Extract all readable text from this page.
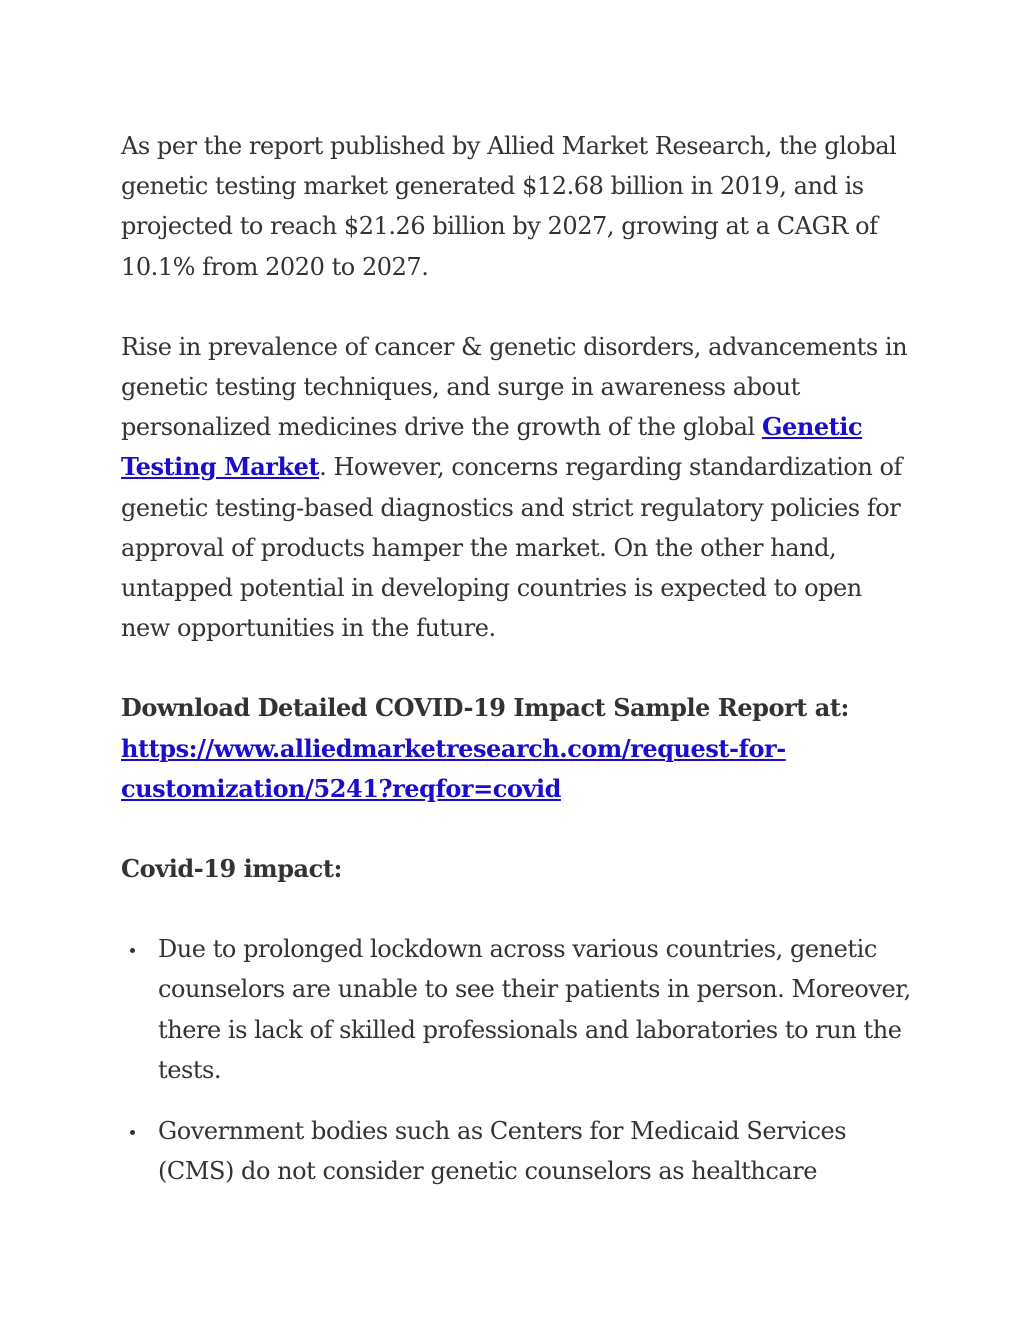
As per the report published by Allied Market Research, the global genetic testing market generated $12.68 billion in 2019, and is projected to reach $21.26 billion by 2027, growing at a CAGR of 10.1% from 2020 to 2027.

Rise in prevalence of cancer & genetic disorders, advancements in genetic testing techniques, and surge in awareness about personalized medicines drive the growth of the global Genetic Testing Market. However, concerns regarding standardization of genetic testing-based diagnostics and strict regulatory policies for approval of products hamper the market. On the other hand, untapped potential in developing countries is expected to open new opportunities in the future.

Download Detailed COVID-19 Impact Sample Report at: https://www.alliedmarketresearch.com/request-for-customization/5241?reqfor=covid

Covid-19 impact:

Due to prolonged lockdown across various countries, genetic counselors are unable to see their patients in person. Moreover, there is lack of skilled professionals and laboratories to run the tests.
Government bodies such as Centers for Medicaid Services (CMS) do not consider genetic counselors as healthcare
